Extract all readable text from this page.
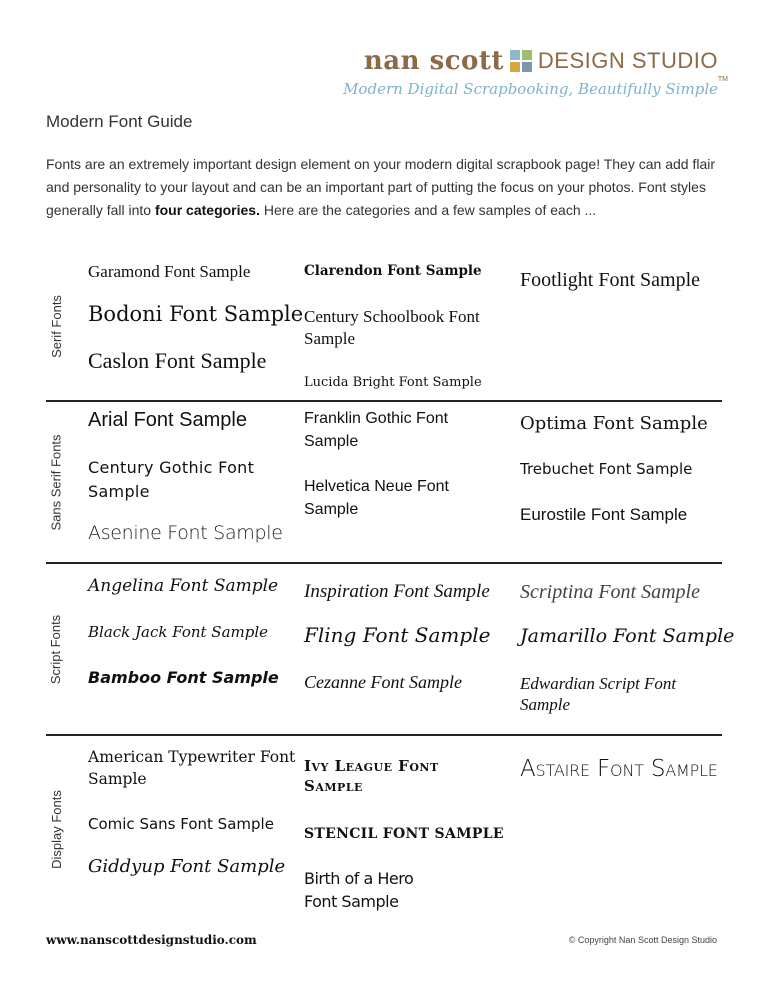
nan scott DESIGN STUDIO
TM
Modern Digital Scrapbooking, Beautifully Simple
Modern Font Guide

Fonts are an extremely important design element on your modern digital scrapbook page! They can add flair and personality to your layout and can be an important part of putting the focus on your photos. Font styles generally fall into four categories. Here are the categories and a few samples of each ...

Serif Fonts
Garamond Font Sample
Bodoni Font Sample
Caslon Font Sample
Clarendon Font Sample
Century Schoolbook Font Sample
Lucida Bright Font Sample
Footlight Font Sample
Sans Serif Fonts
Arial Font Sample
Century Gothic Font Sample
Asenine Font Sample
Franklin Gothic Font Sample
Helvetica Neue Font Sample
Optima Font Sample
Trebuchet Font Sample
Eurostile Font Sample
Script Fonts
Angelina Font Sample
Black Jack Font Sample
Bamboo Font Sample
Inspiration Font Sample
Fling Font Sample
Cezanne Font Sample
Scriptina Font Sample
Jamarillo Font Sample
Edwardian Script Font Sample
Display Fonts
American Typewriter Font Sample
Comic Sans Font Sample
Giddyup Font Sample
Ivy League Font Sample
STENCIL FONT SAMPLE
Birth of a Hero Font Sample
Astaire Font Sample
www.nanscottdesignstudio.com	© Copyright Nan Scott Design Studio
